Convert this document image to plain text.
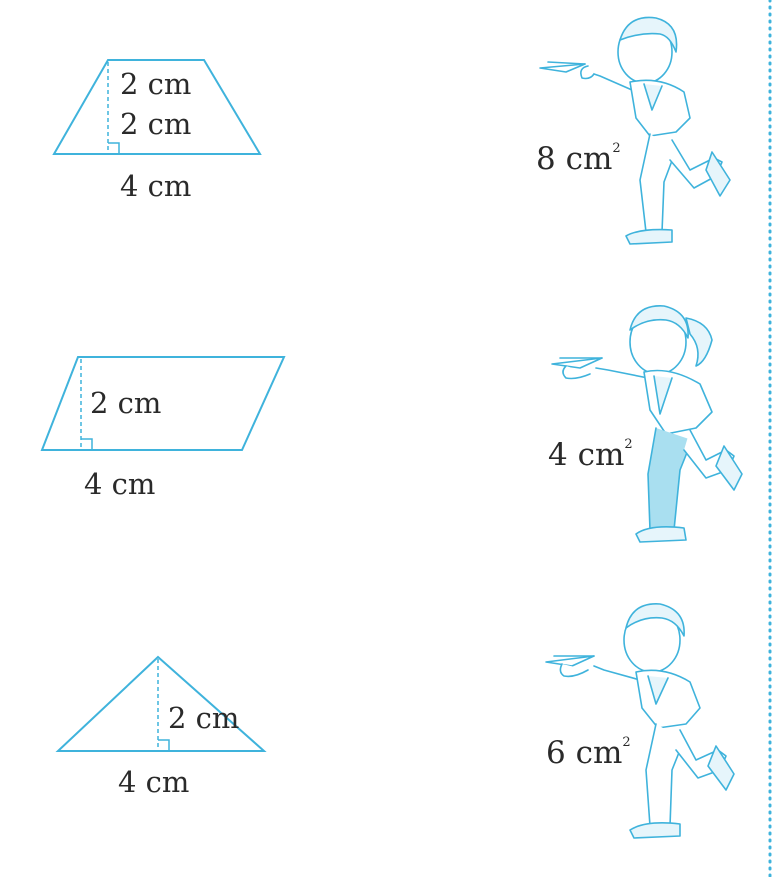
2 cm
2 cm
4 cm
2 cm
4 cm
2 cm
4 cm
8 $cm^2$
4 $cm^2$
6 $cm^2$
